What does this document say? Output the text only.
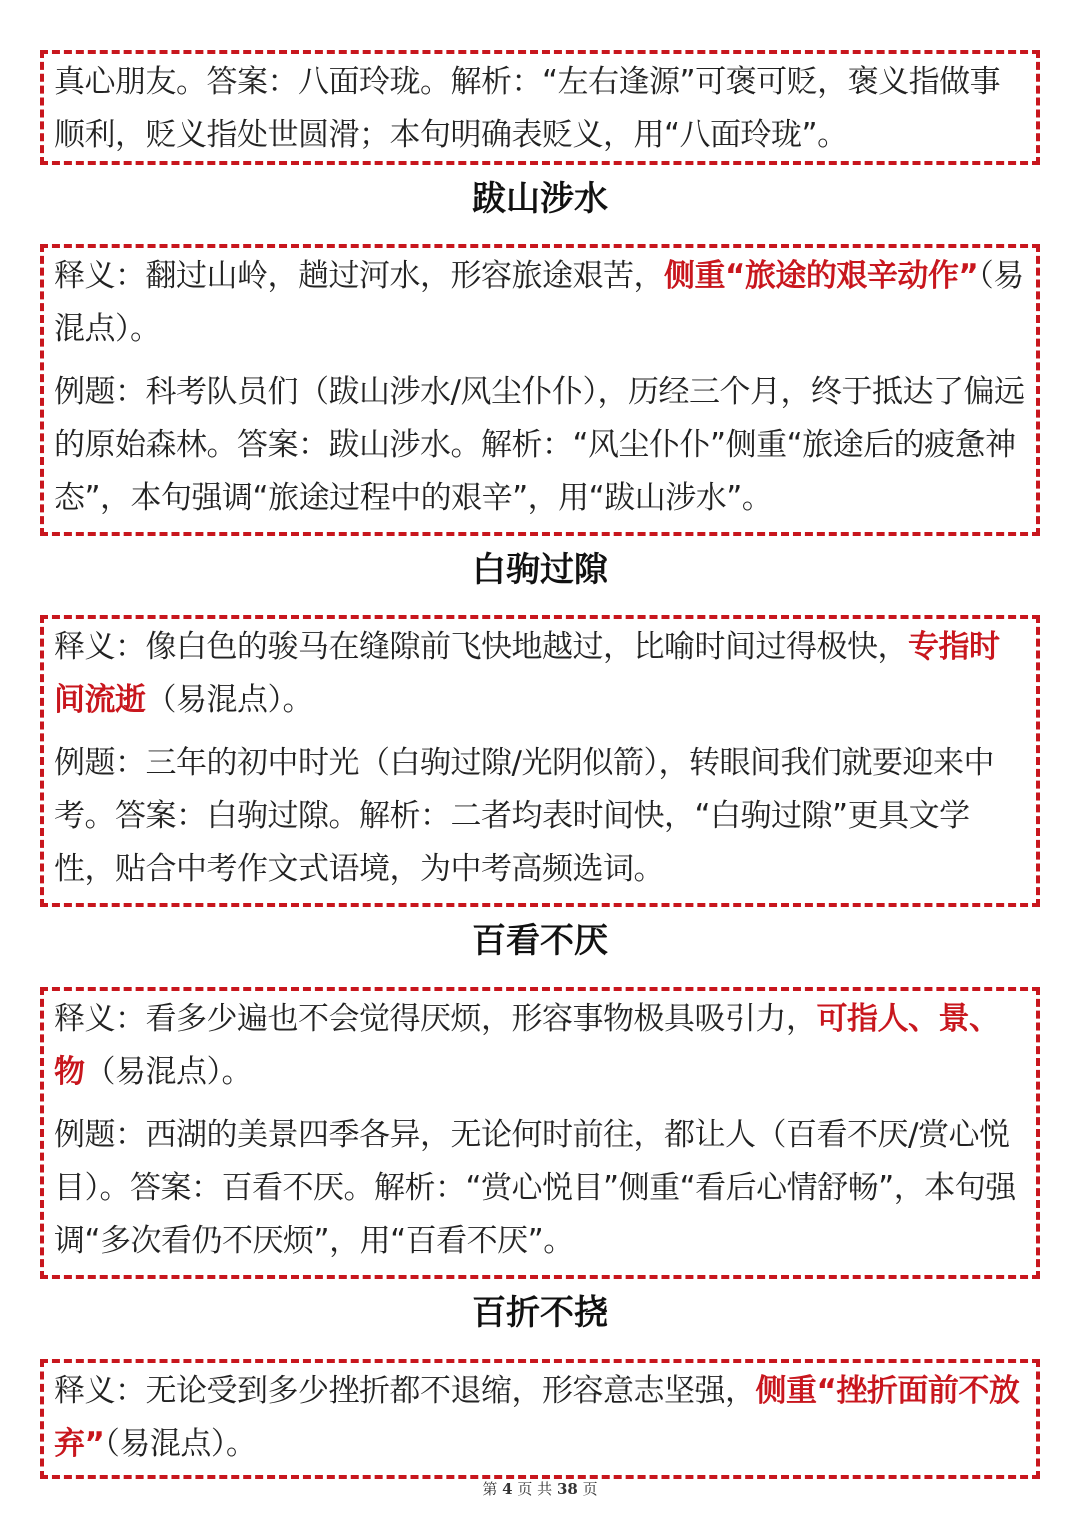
真心朋友。答案：八面玲珑。解析：“左右逢源”可褒可贬，褒义指做事顺利，贬义指处世圆滑；本句明确表贬义，用“八面玲珑”。

跋山涉水

释义：翻过山岭，趟过河水，形容旅途艰苦，侧重“旅途的艰辛动作”（易混点）。

例题：科考队员们（跋山涉水/风尘仆仆），历经三个月，终于抵达了偏远的原始森林。答案：跋山涉水。解析：“风尘仆仆”侧重“旅途后的疲惫神态”，本句强调“旅途过程中的艰辛”，用“跋山涉水”。

白驹过隙

释义：像白色的骏马在缝隙前飞快地越过，比喻时间过得极快，专指时间流逝（易混点）。

例题：三年的初中时光（白驹过隙/光阴似箭），转眼间我们就要迎来中考。答案：白驹过隙。解析：二者均表时间快，“白驹过隙”更具文学性，贴合中考作文式语境，为中考高频选词。

百看不厌

释义：看多少遍也不会觉得厌烦，形容事物极具吸引力，可指人、景、物（易混点）。

例题：西湖的美景四季各异，无论何时前往，都让人（百看不厌/赏心悦目）。答案：百看不厌。解析：“赏心悦目”侧重“看后心情舒畅”，本句强调“多次看仍不厌烦”，用“百看不厌”。

百折不挠

释义：无论受到多少挫折都不退缩，形容意志坚强，侧重“挫折面前不放弃”（易混点）。

第 4 页 共 38 页
